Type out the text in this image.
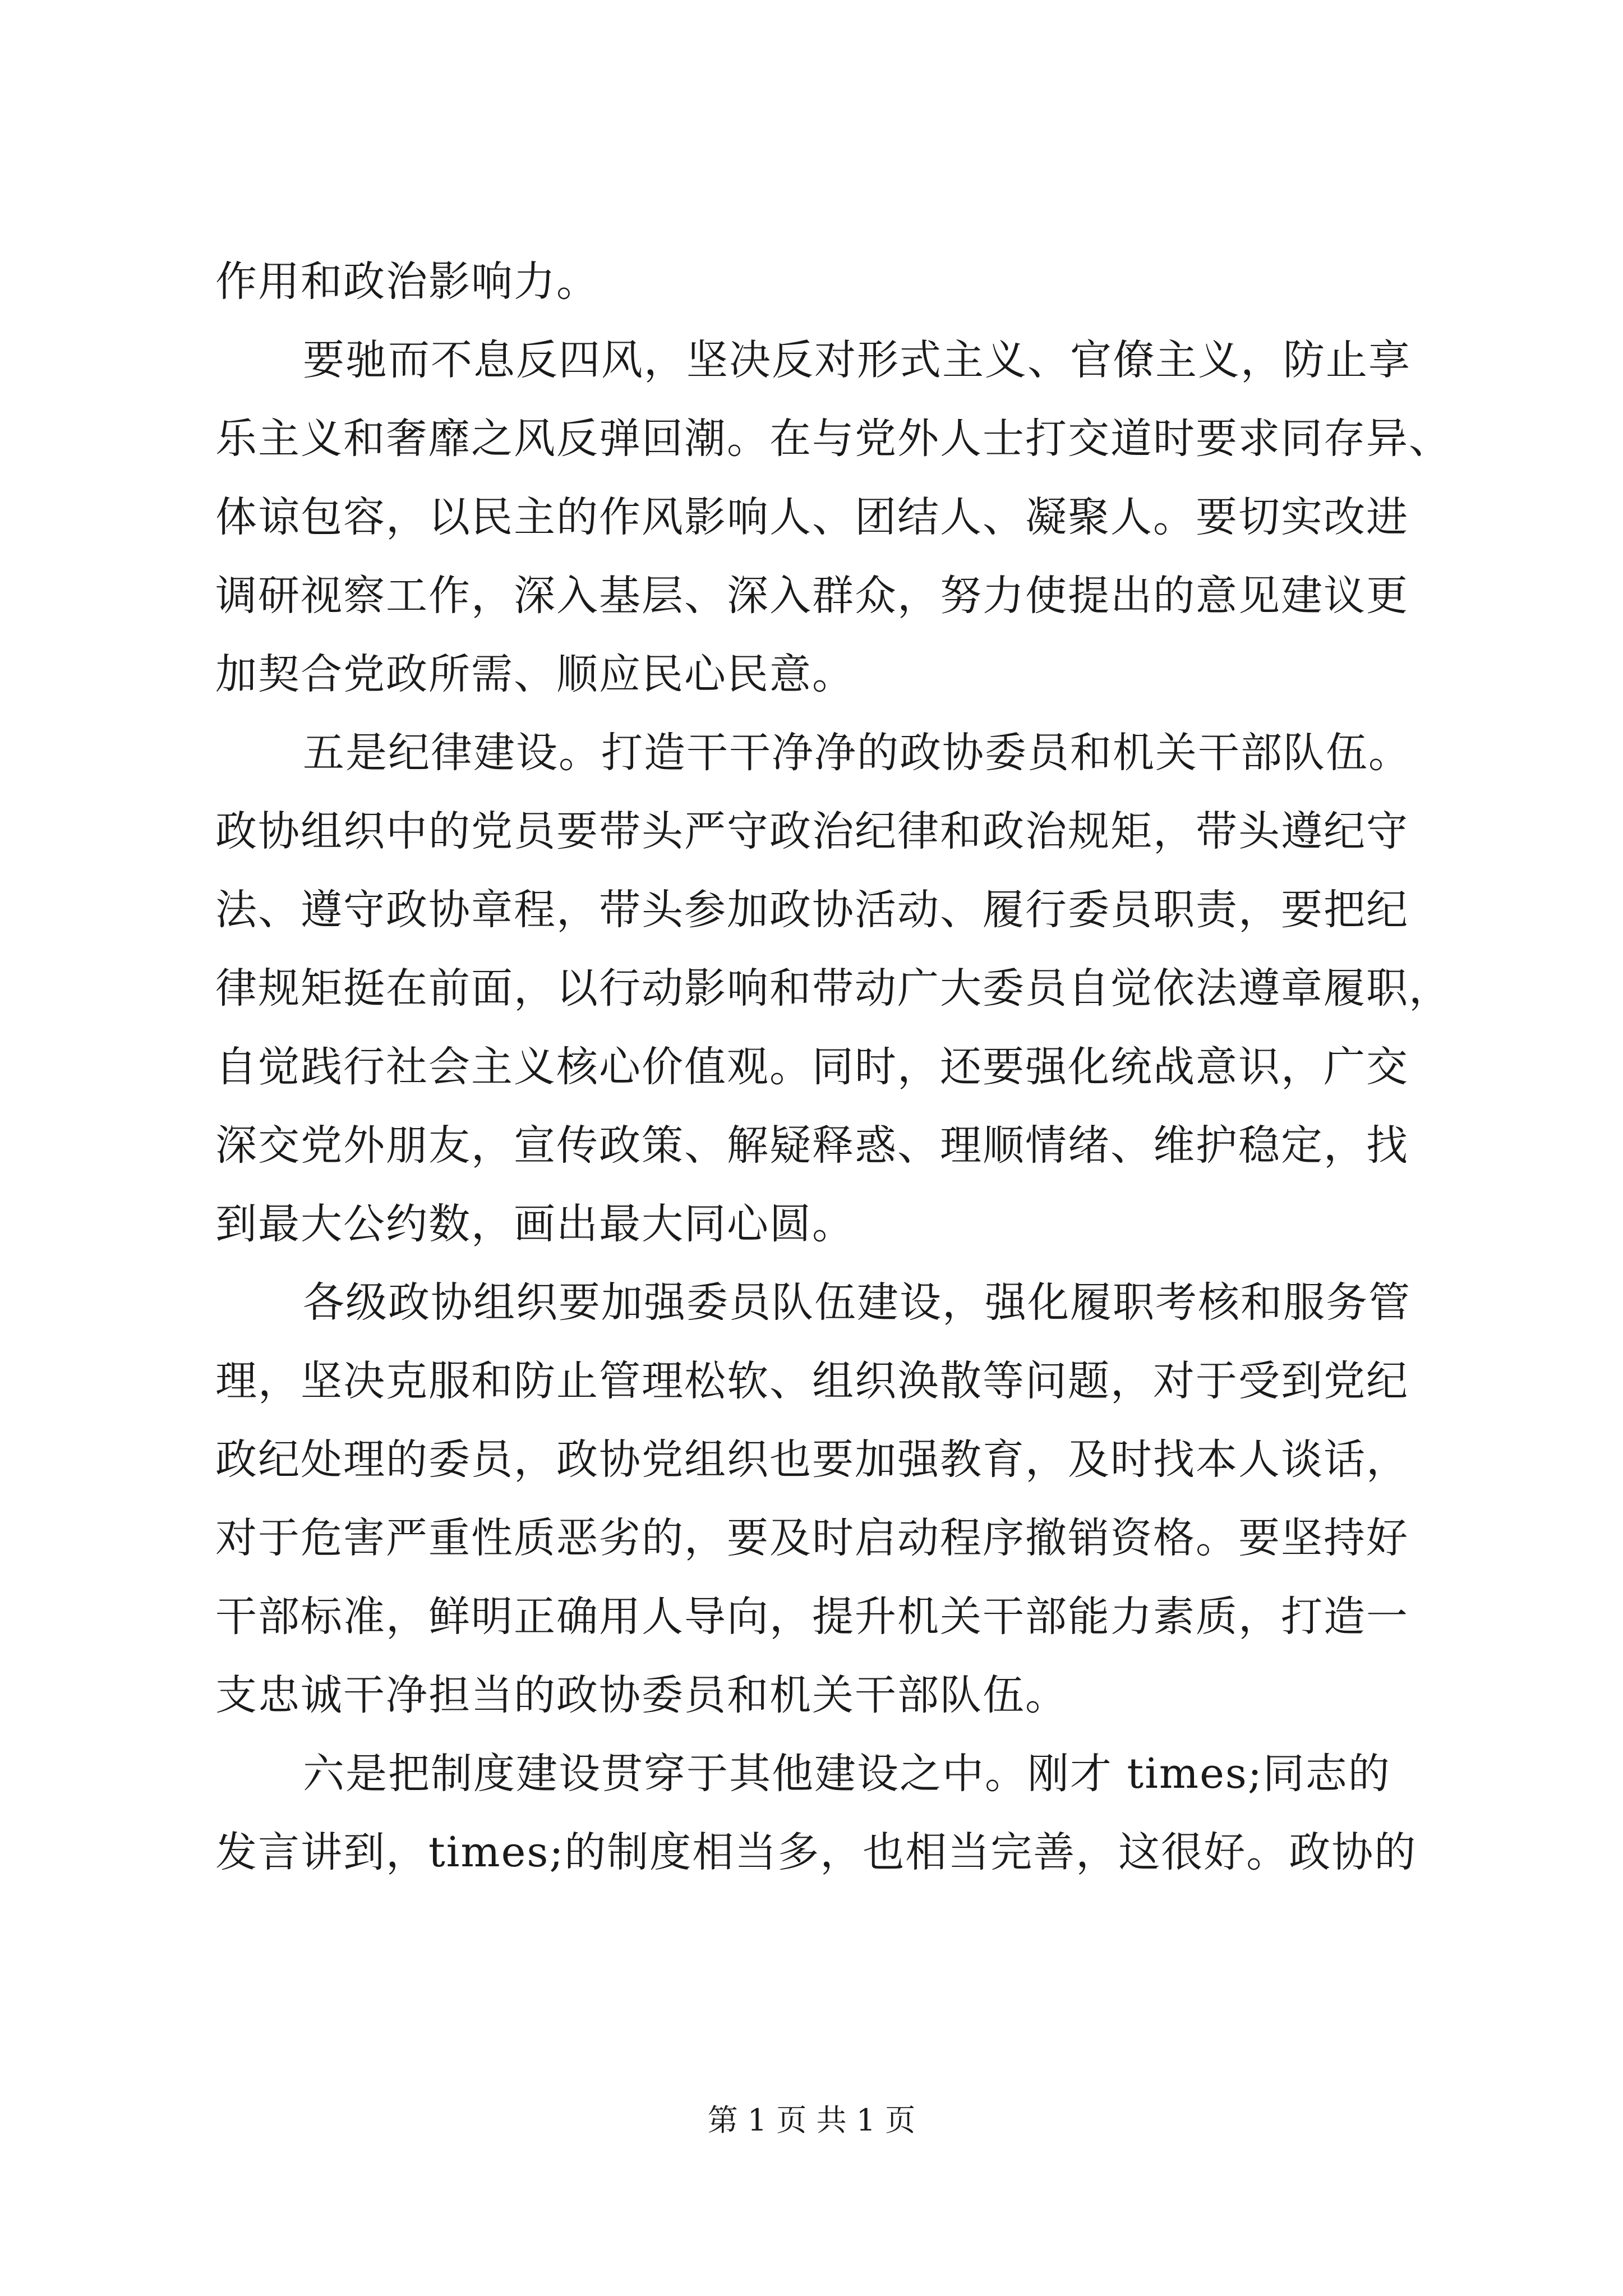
作用和政治影响力。
要驰而不息反四风，坚决反对形式主义、官僚主义，防止享
乐主义和奢靡之风反弹回潮。在与党外人士打交道时要求同存异、
体谅包容，以民主的作风影响人、团结人、凝聚人。要切实改进
调研视察工作，深入基层、深入群众，努力使提出的意见建议更
加契合党政所需、顺应民心民意。
五是纪律建设。打造干干净净的政协委员和机关干部队伍。
政协组织中的党员要带头严守政治纪律和政治规矩，带头遵纪守
法、遵守政协章程，带头参加政协活动、履行委员职责，要把纪
律规矩挺在前面，以行动影响和带动广大委员自觉依法遵章履职，
自觉践行社会主义核心价值观。同时，还要强化统战意识，广交
深交党外朋友，宣传政策、解疑释惑、理顺情绪、维护稳定，找
到最大公约数，画出最大同心圆。
各级政协组织要加强委员队伍建设，强化履职考核和服务管
理，坚决克服和防止管理松软、组织涣散等问题，对于受到党纪
政纪处理的委员，政协党组织也要加强教育，及时找本人谈话，
对于危害严重性质恶劣的，要及时启动程序撤销资格。要坚持好
干部标准，鲜明正确用人导向，提升机关干部能力素质，打造一
支忠诚干净担当的政协委员和机关干部队伍。
六是把制度建设贯穿于其他建设之中。刚才 times;同志的
发言讲到，times;的制度相当多，也相当完善，这很好。政协的
第 1 页 共 1 页
